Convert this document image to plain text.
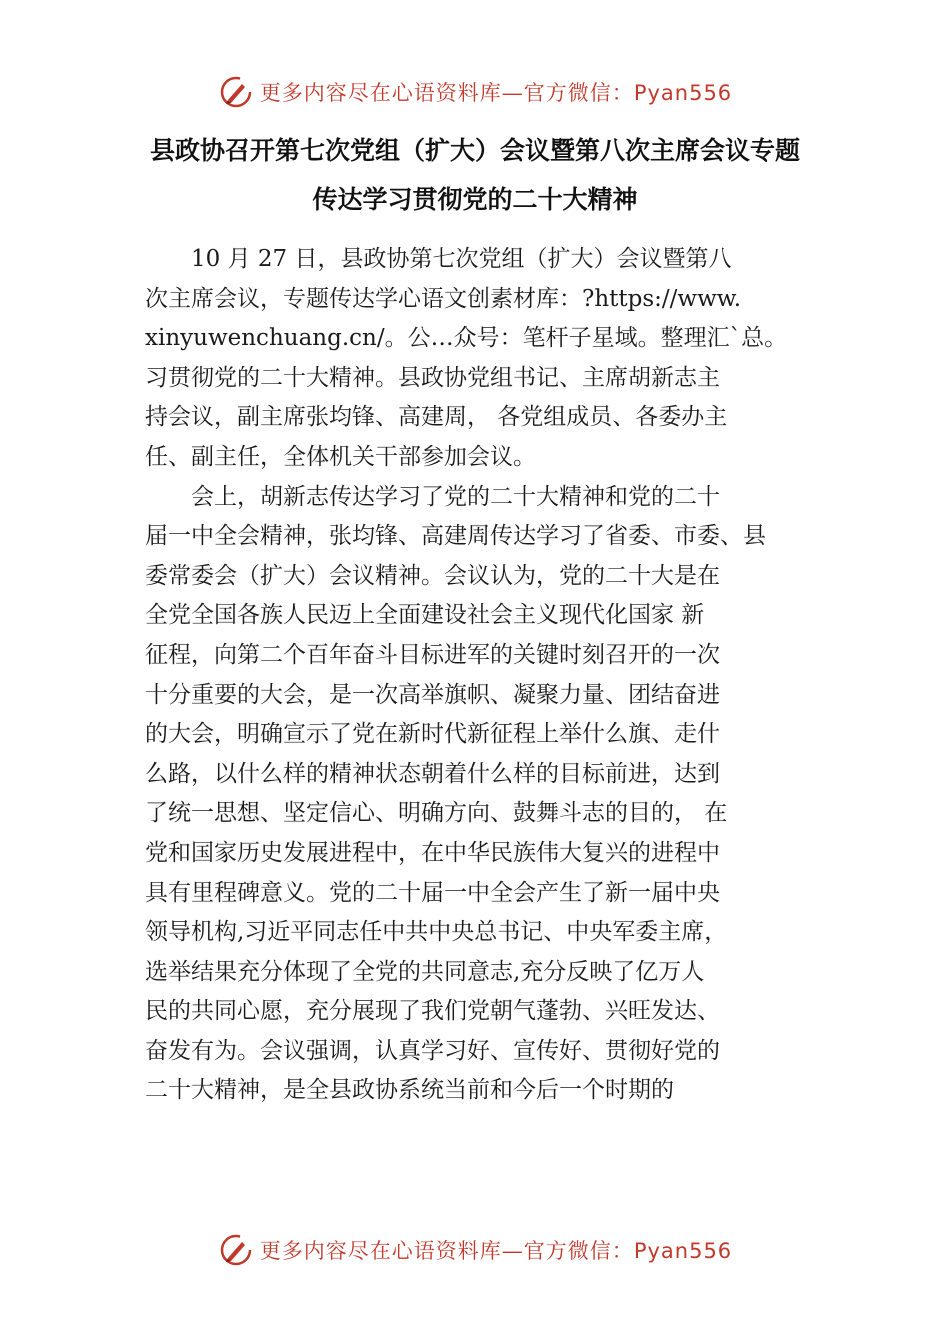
更多内容尽在心语资料库—官方微信：Pyan556
县政协召开第七次党组（扩大）会议暨第八次主席会议专题
传达学习贯彻党的二十大精神
10 月 27 日，县政协第七次党组（扩大）会议暨第八
次主席会议，专题传达学心语文创素材库：?https://www.
xinyuwenchuang.cn/。公…众号：笔杆子星域。整理汇`总。
习贯彻党的二十大精神。县政协党组书记、主席胡新志主
持会议，副主席张均锋、高建周， 各党组成员、各委办主
任、副主任，全体机关干部参加会议。
会上，胡新志传达学习了党的二十大精神和党的二十
届一中全会精神，张均锋、高建周传达学习了省委、市委、县
委常委会（扩大）会议精神。会议认为，党的二十大是在
全党全国各族人民迈上全面建设社会主义现代化国家 新
征程，向第二个百年奋斗目标进军的关键时刻召开的一次
十分重要的大会，是一次高举旗帜、凝聚力量、团结奋进
的大会，明确宣示了党在新时代新征程上举什么旗、走什
么路，以什么样的精神状态朝着什么样的目标前进，达到
了统一思想、坚定信心、明确方向、鼓舞斗志的目的， 在
党和国家历史发展进程中，在中华民族伟大复兴的进程中
具有里程碑意义。党的二十届一中全会产生了新一届中央
领导机构,习近平同志任中共中央总书记、中央军委主席，
选举结果充分体现了全党的共同意志,充分反映了亿万人
民的共同心愿，充分展现了我们党朝气蓬勃、兴旺发达、
奋发有为。会议强调，认真学习好、宣传好、贯彻好党的
二十大精神，是全县政协系统当前和今后一个时期的
更多内容尽在心语资料库—官方微信：Pyan556
